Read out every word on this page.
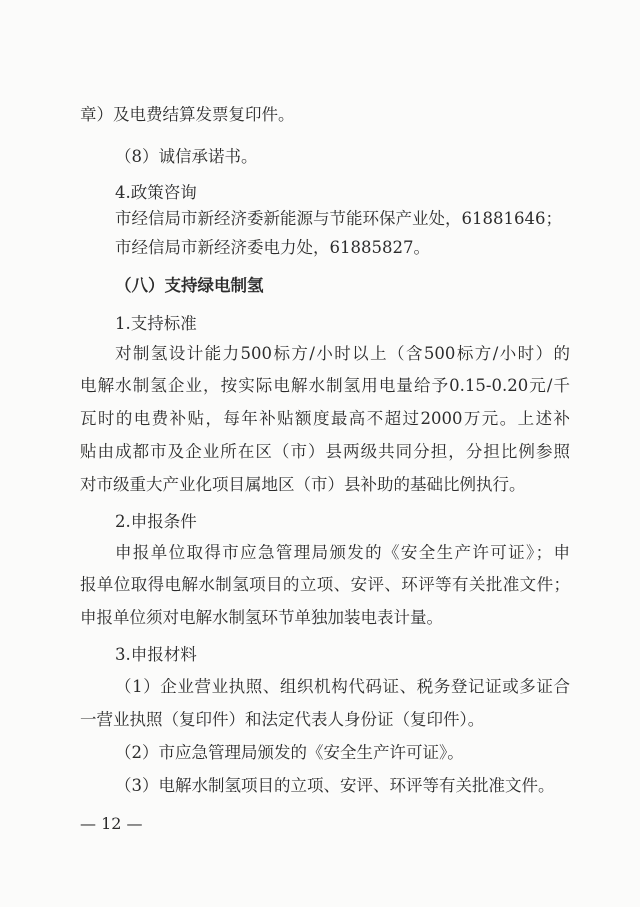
章）及电费结算发票复印件。
（8）诚信承诺书。
4.政策咨询
市经信局市新经济委新能源与节能环保产业处，61881646；
市经信局市新经济委电力处，61885827。
（八）支持绿电制氢
1.支持标准
对制氢设计能力500标方/小时以上（含500标方/小时）的
电解水制氢企业，按实际电解水制氢用电量给予0.15-0.20元/千
瓦时的电费补贴，每年补贴额度最高不超过2000万元。上述补
贴由成都市及企业所在区（市）县两级共同分担，分担比例参照
对市级重大产业化项目属地区（市）县补助的基础比例执行。
2.申报条件
申报单位取得市应急管理局颁发的《安全生产许可证》；申
报单位取得电解水制氢项目的立项、安评、环评等有关批准文件；
申报单位须对电解水制氢环节单独加装电表计量。
3.申报材料
（1）企业营业执照、组织机构代码证、税务登记证或多证合
一营业执照（复印件）和法定代表人身份证（复印件）。
（2）市应急管理局颁发的《安全生产许可证》。
（3）电解水制氢项目的立项、安评、环评等有关批准文件。
— 12 —
